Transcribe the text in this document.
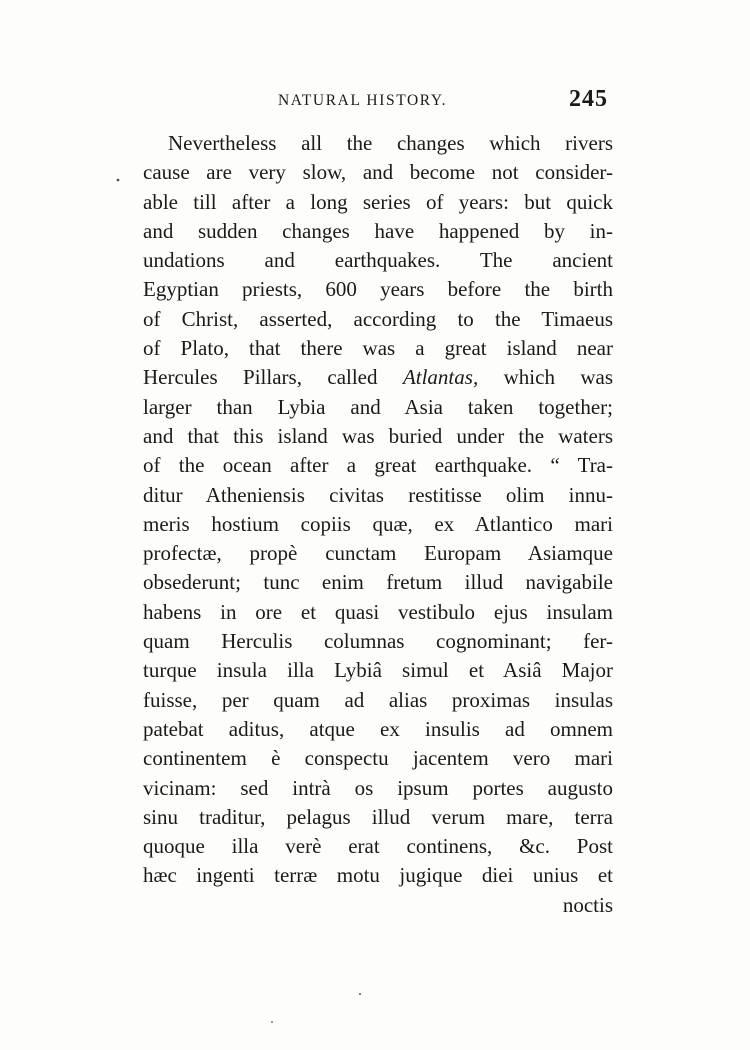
NATURAL HISTORY.	245
Nevertheless all the changes which rivers
cause are very slow, and become not consider-
able till after a long series of years: but quick
and sudden changes have happened by in-
undations and earthquakes. The ancient
Egyptian priests, 600 years before the birth
of Christ, asserted, according to the Timaeus
of Plato, that there was a great island near
Hercules Pillars, called Atlantas, which was
larger than Lybia and Asia taken together;
and that this island was buried under the waters
of the ocean after a great earthquake. “ Tra-
ditur Atheniensis civitas restitisse olim innu-
meris hostium copiis quæ, ex Atlantico mari
profectæ, propè cunctam Europam Asiamque
obsederunt; tunc enim fretum illud navigabile
habens in ore et quasi vestibulo ejus insulam
quam Herculis columnas cognominant; fer-
turque insula illa Lybiâ simul et Asiâ Major
fuisse, per quam ad alias proximas insulas
patebat aditus, atque ex insulis ad omnem
continentem è conspectu jacentem vero mari
vicinam: sed intrà os ipsum portes augusto
sinu traditur, pelagus illud verum mare, terra
quoque illa verè erat continens, &c. Post
hæc ingenti terræ motu jugique diei unius et
noctis
